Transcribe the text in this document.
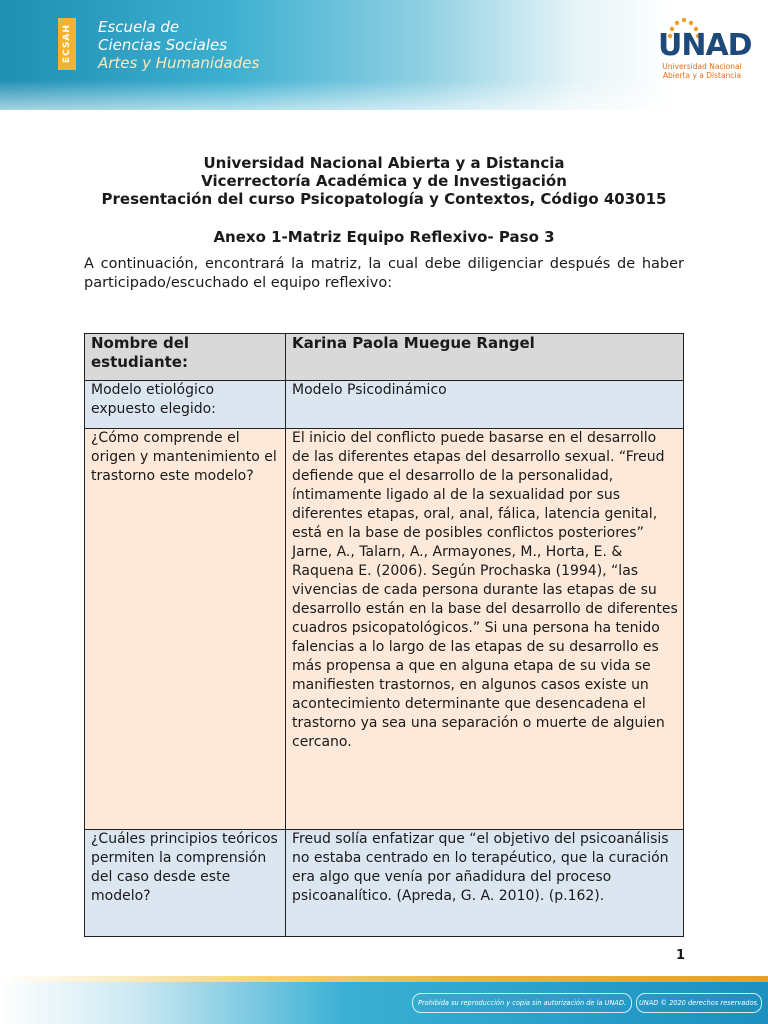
ECSAH Escuela de
Ciencias Sociales
Artes y Humanidades	UNAD
Universidad Nacional
Abierta y a Distancia
Universidad Nacional Abierta y a Distancia
Vicerrectoría Académica y de Investigación
Presentación del curso Psicopatología y Contextos, Código 403015
Anexo 1-Matriz Equipo Reflexivo- Paso 3
A continuación, encontrará la matriz, la cual debe diligenciar después de haber participado/escuchado el equipo reflexivo:
Nombre del estudiante:	Karina Paola Muegue Rangel
Modelo etiológico expuesto elegido:	Modelo Psicodinámico
¿Cómo comprende el origen y mantenimiento el trastorno este modelo?	El inicio del conflicto puede basarse en el desarrollo de las diferentes etapas del desarrollo sexual. “Freud defiende que el desarrollo de la personalidad, íntimamente ligado al de la sexualidad por sus diferentes etapas, oral, anal, fálica, latencia genital, está en la base de posibles conflictos posteriores” Jarne, A., Talarn, A., Armayones, M., Horta, E. & Raquena E. (2006). Según Prochaska (1994), “las vivencias de cada persona durante las etapas de su desarrollo están en la base del desarrollo de diferentes cuadros psicopatológicos.” Si una persona ha tenido falencias a lo largo de las etapas de su desarrollo es más propensa a que en alguna etapa de su vida se manifiesten trastornos, en algunos casos existe un acontecimiento determinante que desencadena el trastorno ya sea una separación o muerte de alguien cercano.
¿Cuáles principios teóricos permiten la comprensión del caso desde este modelo?	Freud solía enfatizar que “el objetivo del psicoanálisis no estaba centrado en lo terapéutico, que la curación era algo que venía por añadidura del proceso psicoanalítico. (Apreda, G. A. 2010). (p.162).
1
Prohibida su reproducción y copia sin autorización de la UNAD.	UNAD © 2020 derechos reservados.
